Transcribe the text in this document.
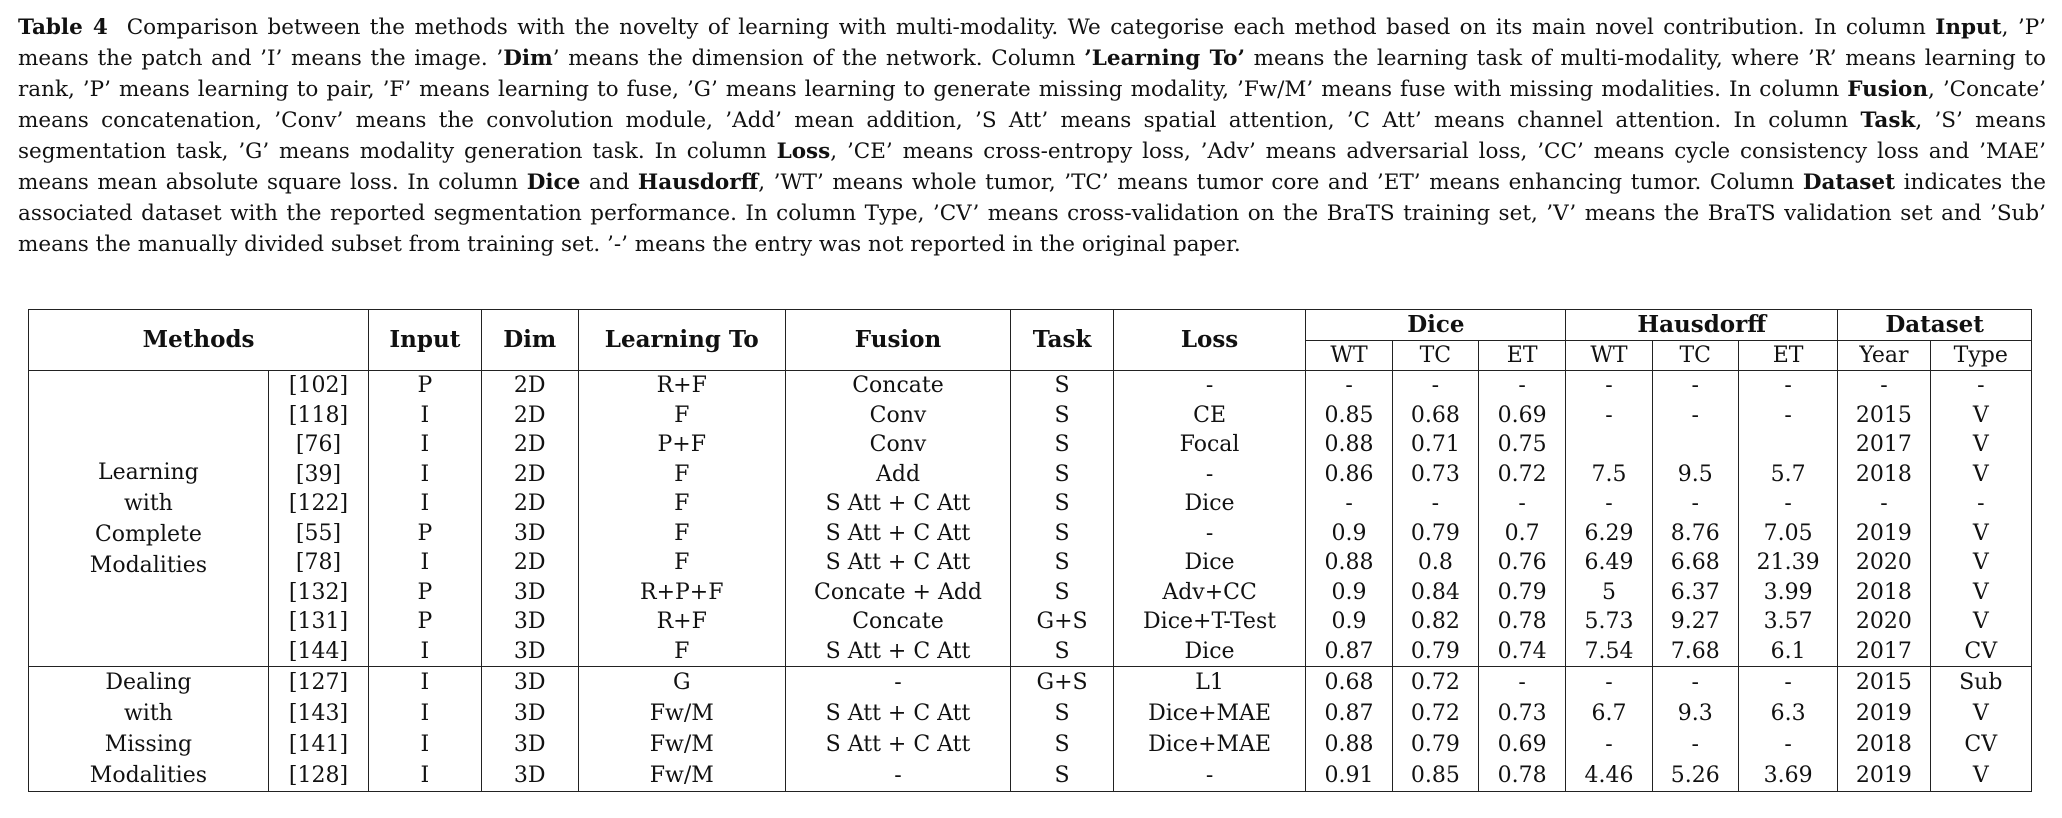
Table 4 Comparison between the methods with the novelty of learning with multi-modality. We categorise each method based on its main novel contribution. In column Input, ’P’ means the patch and ’I’ means the image. ’Dim’ means the dimension of the network. Column ’Learning To’ means the learning task of multi-modality, where ’R’ means learning to rank, ’P’ means learning to pair, ’F’ means learning to fuse, ’G’ means learning to generate missing modality, ’Fw/M’ means fuse with missing modalities. In column Fusion, ’Concate’ means concatenation, ’Conv’ means the convolution module, ’Add’ mean addition, ’S Att’ means spatial attention, ’C Att’ means channel attention. In column Task, ’S’ means segmentation task, ’G’ means modality generation task. In column Loss, ’CE’ means cross-entropy loss, ’Adv’ means adversarial loss, ’CC’ means cycle consistency loss and ’MAE’ means mean absolute square loss. In column Dice and Hausdorff, ’WT’ means whole tumor, ’TC’ means tumor core and ’ET’ means enhancing tumor. Column Dataset indicates the associated dataset with the reported segmentation performance. In column Type, ’CV’ means cross-validation on the BraTS training set, ’V’ means the BraTS validation set and ’Sub’ means the manually divided subset from training set. ’-’ means the entry was not reported in the original paper.
Methods		Input	Dim	Learning To	Fusion	Task	Loss	Dice			Hausdorff			Dataset	
								WT	TC	ET	WT	TC	ET	Year	Type

Learning
with
Complete
Modalities	[102]	P	2D	R+F	Concate	S	-	-	-	-	-	-	-	-	-
	[118]	I	2D	F	Conv	S	CE	0.85	0.68	0.69	-	-	-	2015	V
	[76]	I	2D	P+F	Conv	S	Focal	0.88	0.71	0.75				2017	V
	[39]	I	2D	F	Add	S	-	0.86	0.73	0.72	7.5	9.5	5.7	2018	V
	[122]	I	2D	F	S Att + C Att	S	Dice	-	-	-	-	-	-	-	-
	[55]	P	3D	F	S Att + C Att	S	-	0.9	0.79	0.7	6.29	8.76	7.05	2019	V
	[78]	I	2D	F	S Att + C Att	S	Dice	0.88	0.8	0.76	6.49	6.68	21.39	2020	V
	[132]	P	3D	R+P+F	Concate + Add	S	Adv+CC	0.9	0.84	0.79	5	6.37	3.99	2018	V
	[131]	P	3D	R+F	Concate	G+S	Dice+T-Test	0.9	0.82	0.78	5.73	9.27	3.57	2020	V
	[144]	I	3D	F	S Att + C Att	S	Dice	0.87	0.79	0.74	7.54	7.68	6.1	2017	CV

Dealing
with
Missing
Modalities	[127]	I	3D	G	-	G+S	L1	0.68	0.72	-	-	-	-	2015	Sub
	[143]	I	3D	Fw/M	S Att + C Att	S	Dice+MAE	0.87	0.72	0.73	6.7	9.3	6.3	2019	V
	[141]	I	3D	Fw/M	S Att + C Att	S	Dice+MAE	0.88	0.79	0.69	-	-	-	2018	CV
	[128]	I	3D	Fw/M	-	S	-	0.91	0.85	0.78	4.46	5.26	3.69	2019	V
